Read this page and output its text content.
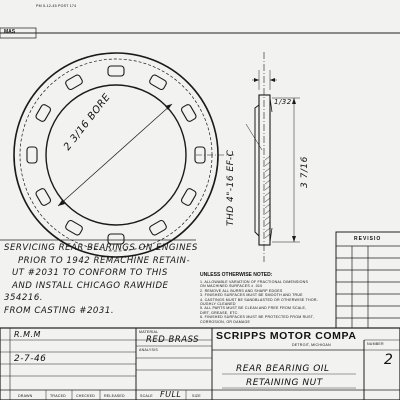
PM 5-12-45 POST 174
MAS
2 3/16 BORE
THD 4"-16 EF-C
1/32
3 7/16
SERVICING REAR BEARINGS ON ENGINES
PRIOR TO 1942 REMACHINE RETAIN-
UT #2031 TO CONFORM TO THIS
AND INSTALL CHICAGO RAWHIDE
354216.
FROM CASTING #2031.
UNLESS OTHERWISE NOTED:
1. ALLOWABLE VARIATION OF FRACTIONAL DIMENSIONS
ON MACHINED SURFACES ± .010
2. REMOVE ALL BURRS AND SHARP EDGES
3. FINISHED SURFACES MUST BE SMOOTH AND TRUE
4. CASTINGS MUST BE SANDBLASTED OR OTHERWISE THOR-
OUGHLY CLEANED
5. ALL PARTS MUST BE CLEAN AND FREE FROM SCALE,
DIRT, GREASE, ETC.
6. FINISHED SURFACES MUST BE PROTECTED FROM RUST,
CORROSION, OR DAMAGE
REVISIO
R.M.M
2-7-46
MATERIAL
RED BRASS
ANALYSIS
SCRIPPS MOTOR COMPA
DETROIT, MICHIGAN
REAR BEARING OIL
RETAINING NUT
NUMBER
2
DRAWN	TRACED	CHECKED	RELEASED	SCALE FULL	SIZE
